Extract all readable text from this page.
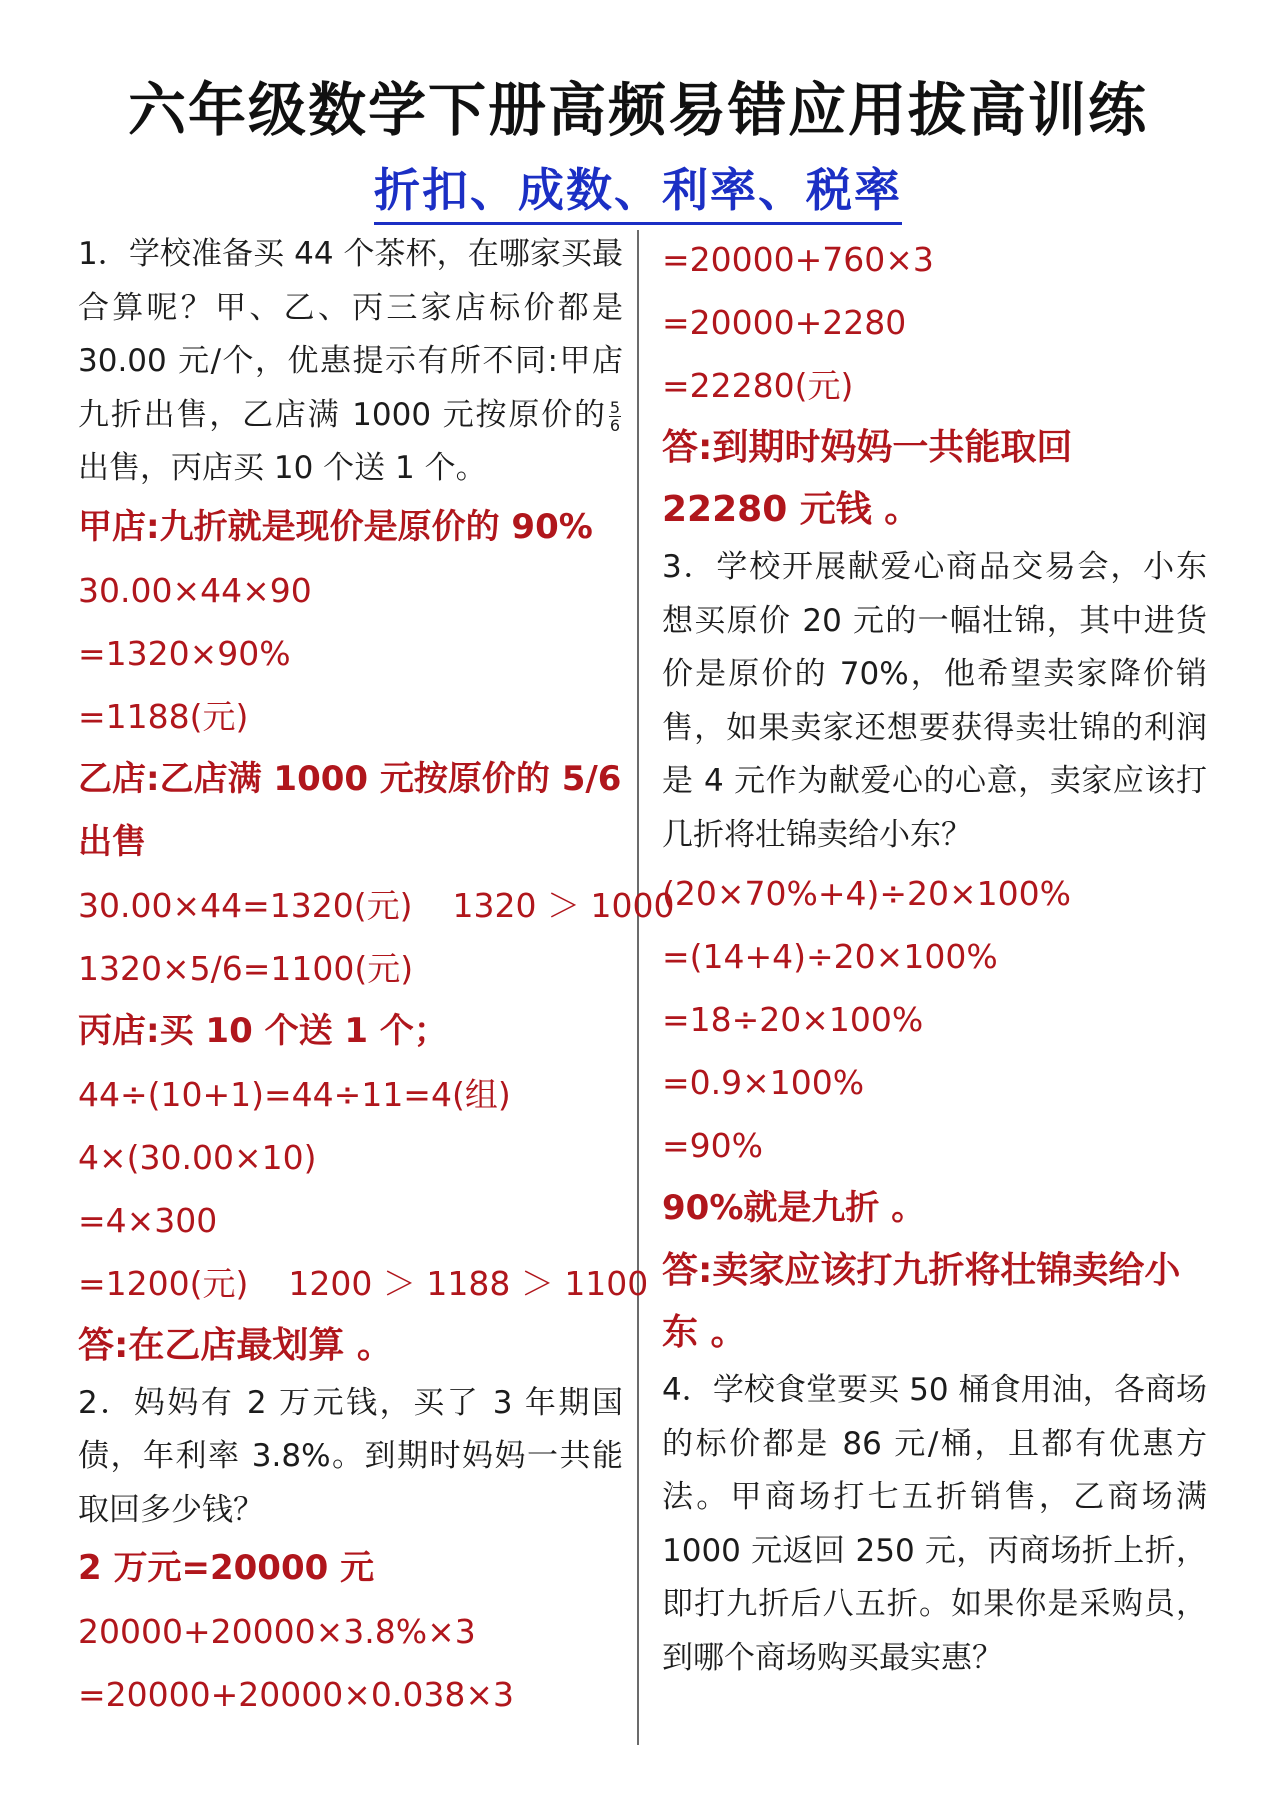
六年级数学下册高频易错应用拔高训练
折扣、成数、利率、税率

1．学校准备买 44 个茶杯，在哪家买最合算呢？甲、乙、丙三家店标价都是 30.00 元/个，优惠提示有所不同:甲店九折出售，乙店满 1000 元按原价的 $\frac{5}{6}$
出售，丙店买 10 个送 1 个。

甲店:九折就是现价是原价的 90%

30.00×44×90

=1320×90%

=1188(元)

乙店:乙店满 1000 元按原价的 5/6 出售

30.00×44=1320(元) 1320 ＞ 1000

1320×5/6=1100(元)

丙店:买 10 个送 1 个；

44÷(10+1)=44÷11=4(组)

4×(30.00×10)

=4×300

=1200(元) 1200 ＞ 1188 ＞ 1100

答:在乙店最划算 。

2．妈妈有 2 万元钱，买了 3 年期国债，年利率 3.8%。到期时妈妈一共能取回多少钱？

2 万元=20000 元

20000+20000×3.8%×3

=20000+20000×0.038×3

=20000+760×3

=20000+2280

=22280(元)

答:到期时妈妈一共能取回 22280 元钱 。

3．学校开展献爱心商品交易会，小东想买原价 20 元的一幅壮锦，其中进货价是原价的 70%，他希望卖家降价销售，如果卖家还想要获得卖壮锦的利润是 4 元作为献爱心的心意，卖家应该打几折将壮锦卖给小东？

(20×70%+4)÷20×100%

=(14+4)÷20×100%

=18÷20×100%

=0.9×100%

=90%

90%就是九折 。

答:卖家应该打九折将壮锦卖给小东 。

4．学校食堂要买 50 桶食用油，各商场的标价都是 86 元/桶，且都有优惠方法。甲商场打七五折销售，乙商场满 1000 元返回 250 元，丙商场折上折，即打九折后八五折。如果你是采购员，到哪个商场购买最实惠？
